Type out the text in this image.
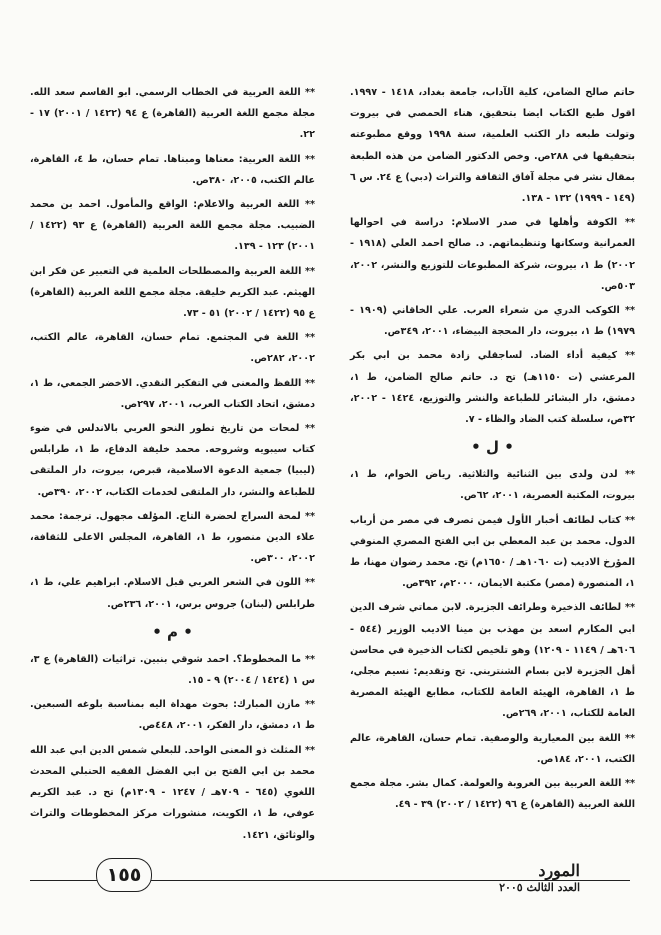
حاتم صالح الضامن، كلية الآداب، جامعة بغداد، ١٤١٨ - ١٩٩٧. اقول طبع الكتاب ايضا بتحقيق، هناء الحمصي في بيروت وتولت طبعه دار الكتب العلمية، سنة ١٩٩٨ ووقع مطبوعته بتحقيقها في ٢٨٨ص. وخص الدكتور الضامن من هذه الطبعة بمقال نشر في مجلة آفاق الثقافة والتراث (دبي) ع ٢٤. س ٦ (١٤٩ - ١٩٩٩) ١٣٢ - ١٣٨.

** الكوفة وأهلها في صدر الاسلام: دراسة في احوالها العمرانية وسكانها وتنظيماتهم. د. صالح احمد العلي (١٩١٨ - ٢٠٠٢) ط ١، بيروت، شركة المطبوعات للتوزيع والنشر، ٢٠٠٢، ٥٠٣ص.

** الكوكب الدري من شعراء العرب. علي الخاقاني (١٩٠٩ - ١٩٧٩) ط ١، بيروت، دار المحجة البيضاء، ٢٠٠١، ٣٤٩ص.

** كيفية أداء الضاد. لساجقلي زادة محمد بن ابي بكر المرعشي (ت ١١٥٠هـ) تح د. حاتم صالح الضامن، ط ١، دمشق، دار البشائر للطباعة والنشر والتوزيع، ١٤٢٤ - ٢٠٠٢، ٣٢ص، سلسلة كتب الضاد والظاء - ٧.

• ل •

** لدن ولدى بين الثنائية والثلاثية. رياض الخوام، ط ١، بيروت، المكتبة العصرية، ٢٠٠١، ٦٢ص.

** كتاب لطائف أخبار الأول فيمن تصرف في مصر من أرباب الدول. محمد بن عبد المعطي بن ابي الفتح المصري المنوفي المؤرخ الاديب (ت ١٠٦٠هـ / ١٦٥٠م) تح. محمد رضوان مهنا، ط ١، المنصورة (مصر) مكتبة الايمان، ٢٠٠٠م، ٣٩٢ص.

** لطائف الذخيرة وطرائف الجزيرة. لابن مماتي شرف الدين ابي المكارم اسعد بن مهذب بن مينا الاديب الوزير (٥٤٤ - ٦٠٦هـ / ١١٤٩ - ١٢٠٩) وهو تلخيص لكتاب الذخيرة في محاسن أهل الجزيرة لابن بسام الشنتريني. تح وتقديم: نسيم مجلي، ط ١، القاهرة، الهيئة العامة للكتاب، مطابع الهيئة المصرية العامة للكتاب، ٢٠٠١، ٢٦٩ص.

** اللغة بين المعيارية والوصفية. تمام حسان، القاهرة، عالم الكتب، ٢٠٠١، ١٨٤ص.

** اللغة العربية بين العروبة والعولمة. كمال بشر. مجلة مجمع اللغة العربية (القاهرة) ع ٩٦ (١٤٢٢ / ٢٠٠٢) ٣٩ - ٤٩.

** اللغة العربية في الخطاب الرسمي. ابو القاسم سعد الله. مجلة مجمع اللغة العربية (القاهرة) ع ٩٤ (١٤٢٢ / ٢٠٠١) ١٧ - ٢٢.

** اللغة العربية: معناها ومبناها. تمام حسان، ط ٤، القاهرة، عالم الكتب، ٢٠٠٥، ٣٨٠ص.

** اللغة العربية والاعلام: الواقع والمأمول. احمد بن محمد الضبيب. مجلة مجمع اللغة العربية (القاهرة) ع ٩٣ (١٤٢٢ / ٢٠٠١) ١٢٣ - ١٣٩.

** اللغة العربية والمصطلحات العلمية في التعبير عن فكر ابن الهيثم. عبد الكريم خليفة. مجلة مجمع اللغة العربية (القاهرة) ع ٩٥ (١٤٢٢ / ٢٠٠٢) ٥١ - ٧٣.

** اللغة في المجتمع. تمام حسان، القاهرة، عالم الكتب، ٢٠٠٢، ٢٨٢ص.

** اللفظ والمعنى في التفكير النقدي. الاخضر الجمعي، ط ١، دمشق، اتحاد الكتاب العرب، ٢٠٠١، ٢٩٧ص.

** لمحات من تاريخ تطور النحو العربي بالاندلس في ضوء كتاب سيبويه وشروحه. محمد خليفة الدفاع، ط ١، طرابلس (ليبيا) جمعية الدعوة الاسلامية، قبرص، بيروت، دار الملتقى للطباعة والنشر، دار الملتقى لخدمات الكتاب، ٢٠٠٢، ٣٩٠ص.

** لمحة السراج لحضرة التاج. المؤلف مجهول. ترجمة: محمد علاء الدين منصور، ط ١، القاهرة، المجلس الاعلى للثقافة، ٢٠٠٢، ٣٠٠ص.

** اللون في الشعر العربي قبل الاسلام. ابراهيم علي، ط ١، طرابلس (لبنان) جروس برس، ٢٠٠١، ٢٣٦ص.

• م •

** ما المخطوط؟. احمد شوقي بنبين. تراثيات (القاهرة) ع ٣، س ١ (١٤٢٤ / ٢٠٠٤) ٩ - ١٥.

** مازن المبارك: بحوث مهداة اليه بمناسبة بلوغه السبعين. ط ١، دمشق، دار الفكر، ٢٠٠١، ٤٤٨ص.

** المثلث ذو المعنى الواحد. للبعلي شمس الدين ابي عبد الله محمد بن ابي الفتح بن ابي الفضل الفقيه الحنبلي المحدث اللغوي (٦٤٥ - ٧٠٩هـ / ١٢٤٧ - ١٣٠٩م) تح د. عبد الكريم عوفي، ط ١، الكويت، منشورات مركز المخطوطات والتراث والوثائق، ١٤٢١.

١٥٥	المورد
العدد الثالث ٢٠٠٥
